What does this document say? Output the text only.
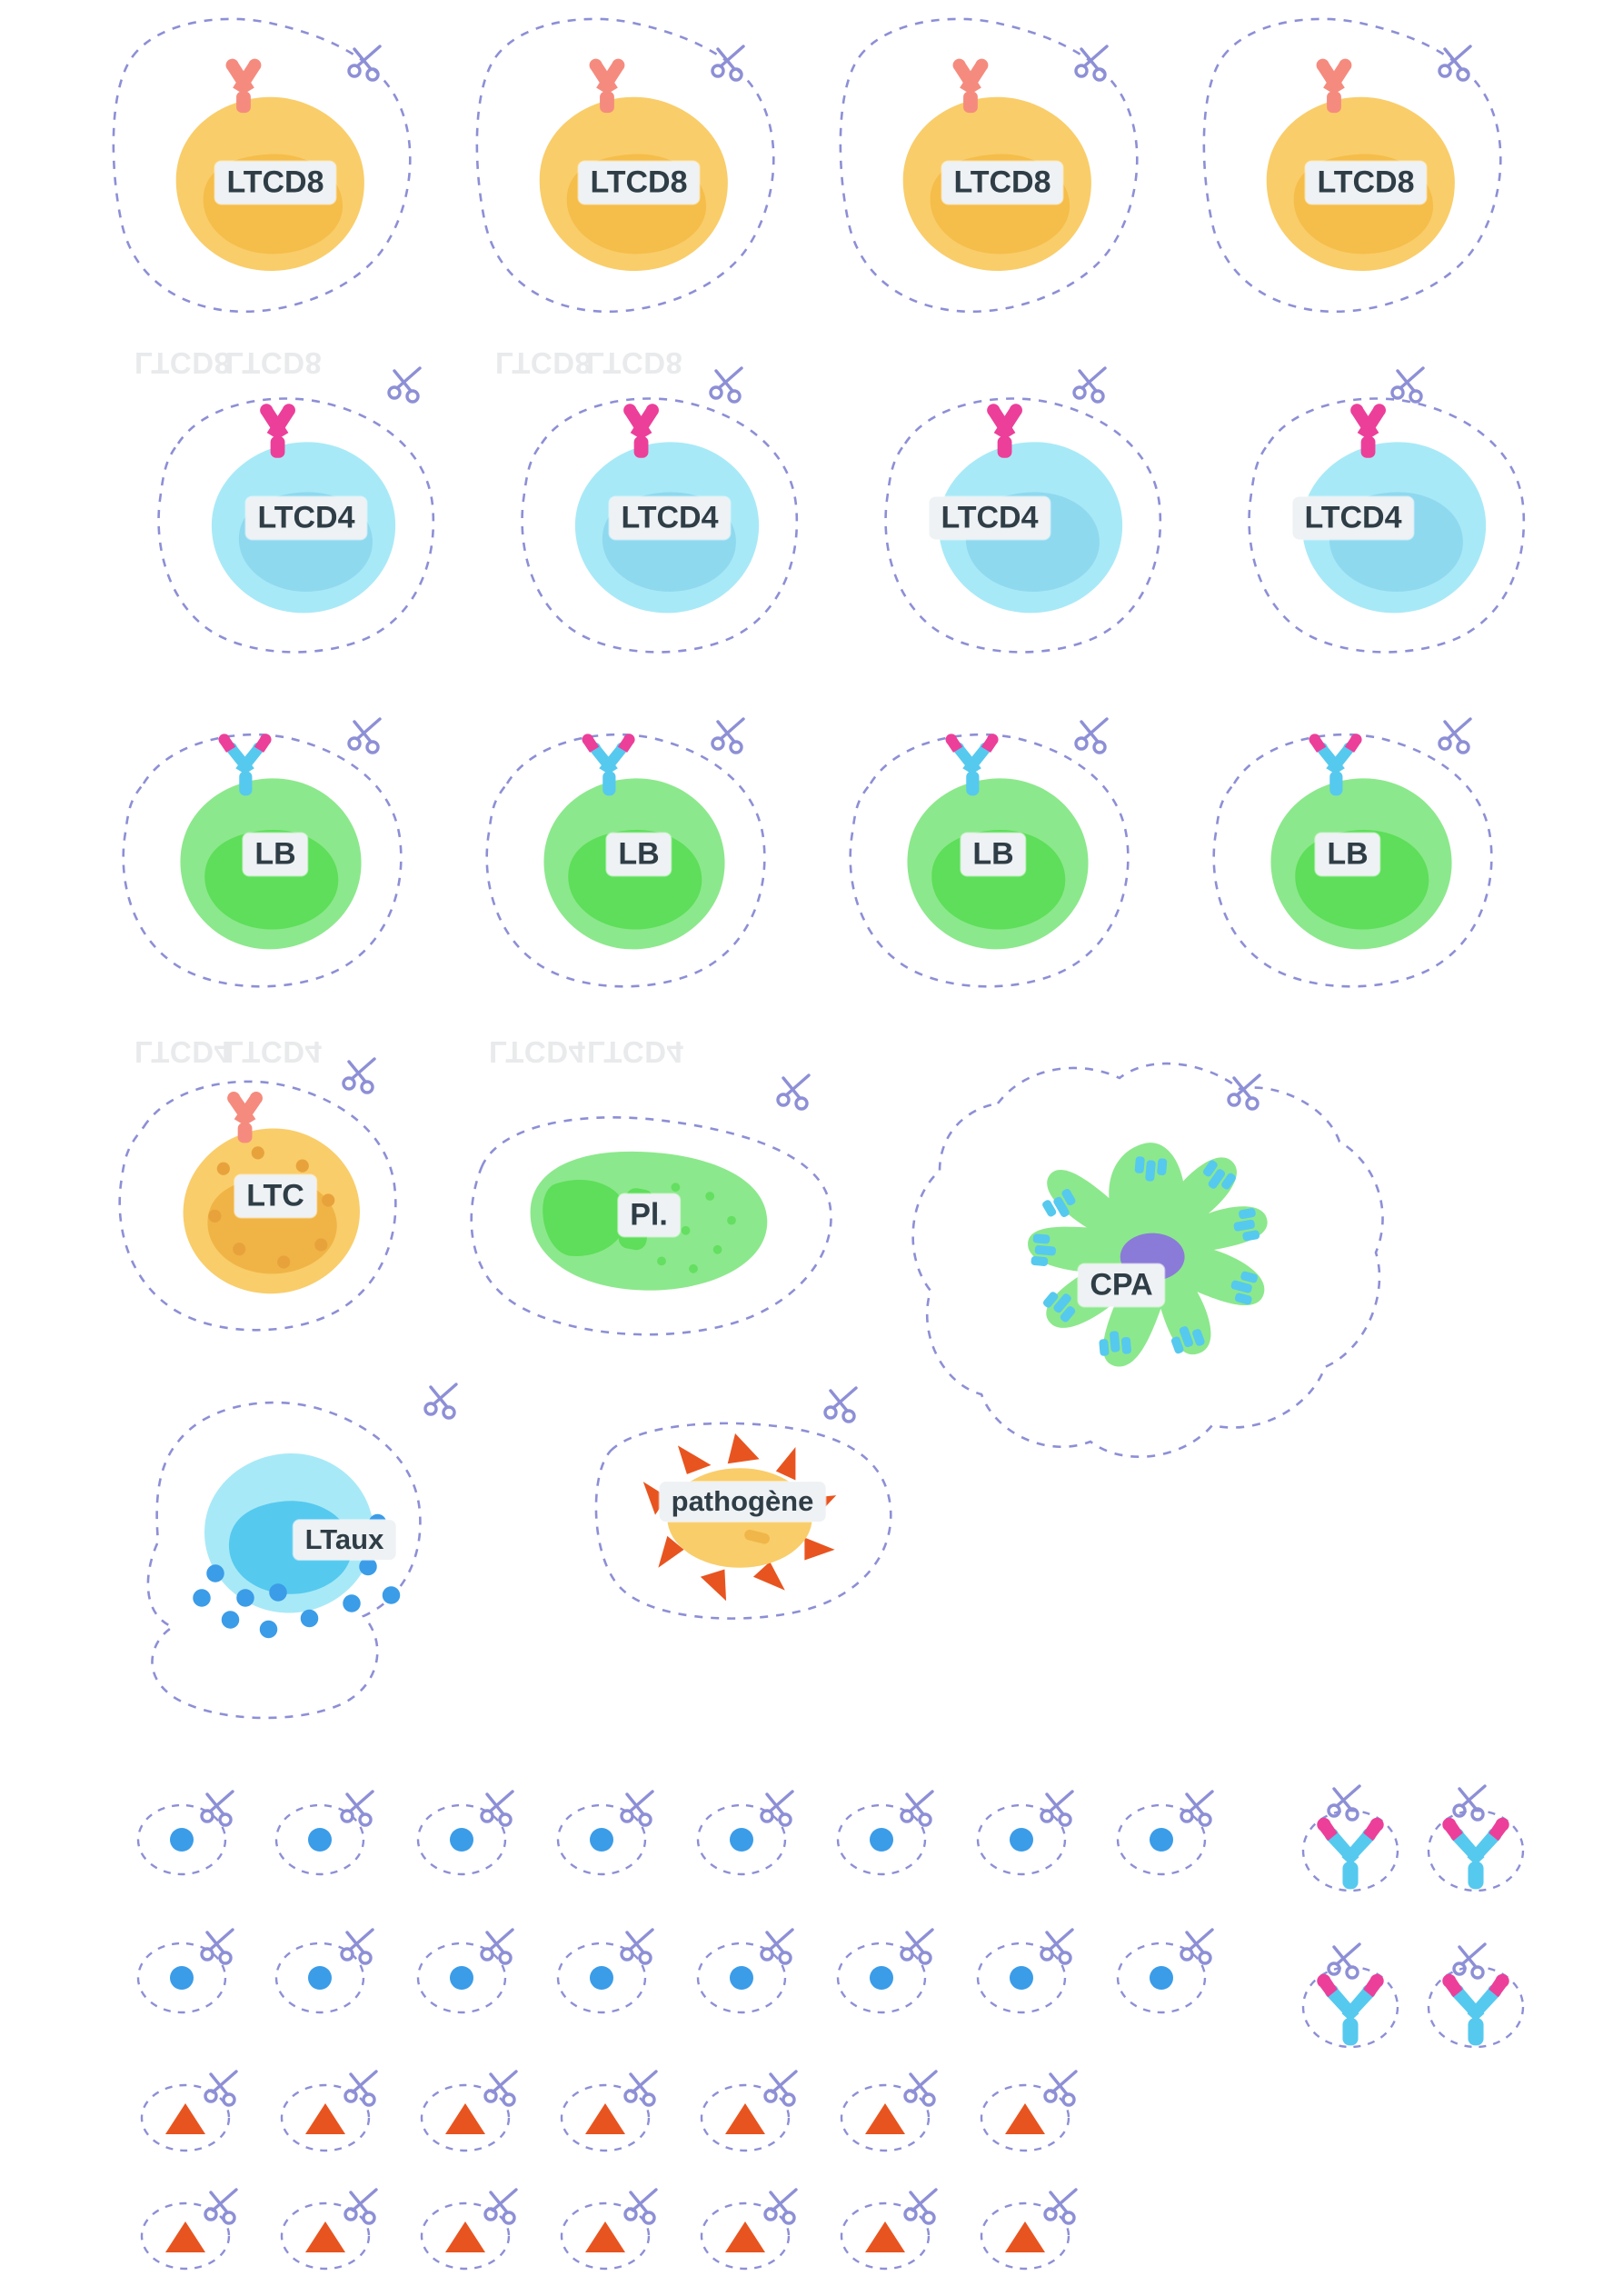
LTCD8	LTCD8	LTCD8	LTCD8
LTCD4	LTCD4	LTCD4	LTCD4
LB	LB	LB	LB
LTC
Pl.
CPA
LTaux
pathogène
LTCD8
LTCD8	LTCD8
LTCD8
LTCD4
LTCD4	LTCD4 LTCD4
